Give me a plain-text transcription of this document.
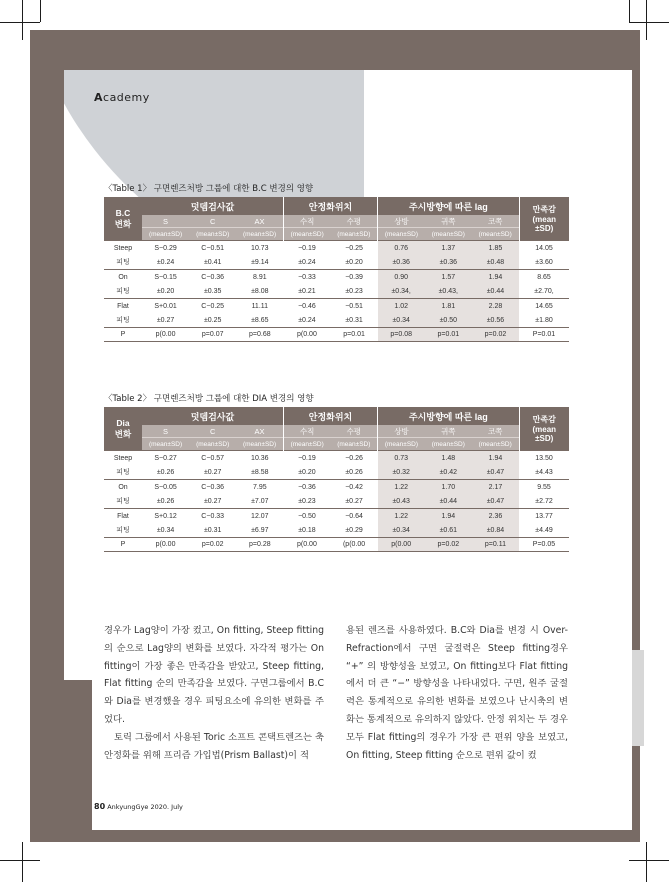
Academy
〈Table 1〉 구면렌즈처방 그룹에 대한 B.C 변경의 영향
B.C
변화	덧뎀검사값			안정화위치		주시방향에 따른 lag			만족감
(mean
±SD)
	S	C	AX	수직	수평	상방	귀쪽	코쪽	
	(mean±SD)	(mean±SD)	(mean±SD)	(mean±SD)	(mean±SD)	(mean±SD)	(mean±SD)	(mean±SD)	
Steep	S−0.29	C−0.51	10.73	−0.19	−0.25	0.76	1.37	1.85	14.05
피팅	±0.24	±0.41	±9.14	±0.24	±0.20	±0.36	±0.36	±0.48	±3.60
On	S−0.15	C−0.36	8.91	−0.33	−0.39	0.90	1.57	1.94	8.65
피팅	±0.20	±0.35	±8.08	±0.21	±0.23	±0.34,	±0.43,	±0.44	±2.70,
Flat	S+0.01	C−0.25	11.11	−0.46	−0.51	1.02	1.81	2.28	14.65
피팅	±0.27	±0.25	±8.65	±0.24	±0.31	±0.34	±0.50	±0.56	±1.80
P	p(0.00	p=0.07	p=0.68	p(0.00	p=0.01	p=0.08	p=0.01	p=0.02	P=0.01
〈Table 2〉 구면렌즈처방 그룹에 대한 DIA 변경의 영향
Dia
변화	덧뎀검사값			안정화위치		주시방향에 따른 lag			만족감
(mean
±SD)
	S	C	AX	수직	수평	상방	귀쪽	코쪽	
	(mean±SD)	(mean±SD)	(mean±SD)	(mean±SD)	(mean±SD)	(mean±SD)	(mean±SD)	(mean±SD)	
Steep	S−0.27	C−0.57	10.36	−0.19	−0.26	0.73	1.48	1.94	13.50
피팅	±0.26	±0.27	±8.58	±0.20	±0.26	±0.32	±0.42	±0.47	±4.43
On	S−0.05	C−0.36	7.95	−0.36	−0.42	1.22	1.70	2.17	9.55
피팅	±0.26	±0.27	±7.07	±0.23	±0.27	±0.43	±0.44	±0.47	±2.72
Flat	S+0.12	C−0.33	12.07	−0.50	−0.64	1.22	1.94	2.36	13.77
피팅	±0.34	±0.31	±6.97	±0.18	±0.29	±0.34	±0.61	±0.84	±4.49
P	p(0.00	p=0.02	p=0.28	p(0.00	(p(0.00	p(0.00	p=0.02	p=0.11	P=0.05

경우가 Lag양이 가장 컸고, On fitting, Steep fitting의 순으로 Lag양의 변화를 보였다. 자각적 평가는 On fitting이 가장 좋은 만족감을 받았고, Steep fitting, Flat fitting 순의 만족감을 보였다. 구면그룹에서 B.C와 Dia를 변경했을 경우 피팅요소에 유의한 변화를 주었다.

토릭 그룹에서 사용된 Toric 소프트 콘택트렌즈는 축 안정화를 위해 프리즘 가입법(Prism Ballast)이 적

용된 렌즈를 사용하였다. B.C와 Dia를 변경 시 Over-Refraction에서 구면 굴절력은 Steep fitting경우 “+” 의 방향성을 보였고, On fitting보다 Flat fitting에서 더 큰 “−” 방향성을 나타내었다. 구면, 원주 굴절력은 통계적으로 유의한 변화를 보였으나 난시축의 변화는 통계적으로 유의하지 않았다. 안정 위치는 두 경우 모두 Flat fitting의 경우가 가장 큰 편위 양을 보였고, On fitting, Steep fitting 순으로 편위 값이 컸

80 AnkyungGye 2020. July
